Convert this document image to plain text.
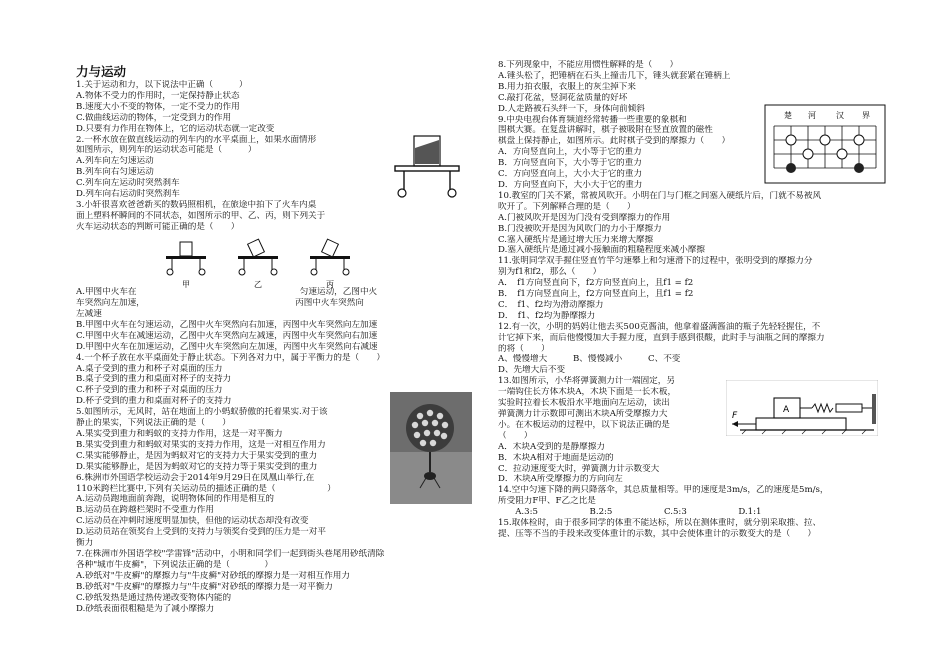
力与运动
1.关于运动和力，以下说法中正确（　　　）
A.物体不受力的作用时，一定保持静止状态
B.速度大小不变的物体，一定不受力的作用
C.做曲线运动的物体，一定受到力的作用
D.只要有力作用在物体上，它的运动状态就一定改变
2.一杯水放在做直线运动的列车内的水平桌面上，如果水面情形
如图所示，则列车的运动状态可能是（　　　）
A.列车向左匀速运动
B.列车向右匀速运动
C.列车向左运动时突然刹车
D.列车向右运动时突然刹车
3.小轩很喜欢爸爸新买的数码照相机，在旅途中拍下了火车内桌
面上塑料杯瞬间的不同状态，如图所示的甲、乙、丙，则下列关于
火车运动状态的判断可能正确的是（　　）
A.甲图中火车在　　　　　　　　　　　　　　　　　　　匀速运动，乙图中火
车突然向左加速，　　　　　　　　　　　　　　　　　　丙图中火车突然向
左减速
B.甲图中火车在匀速运动，乙图中火车突然向右加速，丙图中火车突然向左加速
C.甲图中火车在减速运动，乙图中火车突然向左减速，丙图中火车突然向右加速
D.甲图中火车在加速运动，乙图中火车突然向左加速，丙图中火车突然向右减速
4.一个杯子放在水平桌面处于静止状态。下列各对力中，属于平衡力的是（　　）
A.桌子受到的重力和杯子对桌面的压力
B.桌子受到的重力和桌面对杯子的支持力
C.杯子受到的重力和杯子对桌面的压力
D.杯子受到的重力和桌面对杯子的支持力
5.如图所示，无风时，站在地面上的小蚂蚁骄傲的托着果实.对于该
静止的果实，下列说法正确的是（　　）
A.果实受到重力和蚂蚁的支持力作用，这是一对平衡力
B.果实受到重力和蚂蚁对果实的支持力作用，这是一对相互作用力
C.果实能够静止，是因为蚂蚁对它的支持力大于果实受到的重力
D.果实能够静止，是因为蚂蚁对它的支持力等于果实受到的重力
6.株洲市外国语学校运动会于2014年9月29日在凤凰山举行,在
110米跨栏比赛中,下列有关运动员的描述正确的是（　　　　　　）
A.运动员跑地面前奔跑，说明物体间的作用是相互的
B.运动员在跨越栏架时不受重力作用
C.运动员在冲刺时速度明显加快，但他的运动状态却没有改变
D.运动员站在领奖台上受到的支持力与领奖台受到的压力是一对平
衡力
7.在株洲市外国语学校"学雷锋"活动中，小明和同学们一起到街头巷尾用砂纸清除
各种"城市牛皮癣"，下列说法正确的是（　　　　）
A.砂纸对"牛皮癣"的摩擦力与"牛皮癣"对砂纸的摩擦力是一对相互作用力
B.砂纸对"牛皮癣"的摩擦力与"牛皮癣"对砂纸的摩擦力是一对平衡力
C.砂纸发热是通过热传递改变物体内能的
D.砂纸表面很粗糙是为了减小摩擦力
8.下列现象中，不能应用惯性解释的是（　　）
A.锤头松了，把锤柄在石头上撞击几下，锤头就套紧在锤柄上
B.用力拍衣服，衣服上的灰尘掉下来
C.敲打花盆，竖洞花盆质量的好坏
D.人走路被石头绊一下，身体向前倾斜
9.中央电视台体育频道经常转播一些重要的象棋和
围棋大赛。在复盘讲解时，棋子被吸附在竖直放置的磁性
棋盘上保持静止，如图所示。此时棋子受到的摩擦力（　　）
A．方向竖直向上，大小等于它的重力
B．方向竖直向下，大小等于它的重力
C．方向竖直向上，大小大于它的重力
D．方向竖直向下，大小大于它的重力
10.教室的门关不紧，常被风吹开。小明在门与门框之间塞入硬纸片后，门就不易被风
吹开了。下列解释合理的是（　　）
A.门被风吹开是因为门没有受到摩擦力的作用
B.门没被吹开是因为风吹门的力小于摩擦力
C.塞入硬纸片是通过增大压力来增大摩擦
D.塞入硬纸片是通过减小接触面的粗糙程度来减小摩擦
11.张明同学双手握住竖直竹竿匀速攀上和匀速滑下的过程中，张明受到的摩擦力分
别为f1和f2，那么（　　）
A．　f1方向竖直向下，f2方向竖直向上，且f1 = f2
B．　f1方向竖直向上，f2方向竖直向上，且f1 = f2
C．　f1、f2均为滑动摩擦力
D．　f1、f2均为静摩擦力
12.有一次，小明的妈妈让他去买500克酱油，他拿着盛满酱油的瓶子先轻轻握住，不
计它掉下来，而后他慢慢加大手握力度，直到手感到很酸，此时手与油瓶之间的摩擦力
的将（　　）
A、慢慢增大　　　B、慢慢减小　　　C、不变
D、先增大后不变
13.如图所示，小华将弹簧测力计一端固定，另
一端钩住长方体木块A，木块下面是一长木板，
实验时拉着长木板沿水平地面向左运动，读出
弹簧测力计示数即可测出木块A所受摩擦力大
小。在木板运动的过程中，以下说法正确的是
（　　）
A．木块A受到的是静摩擦力
B．木块A相对于地面是运动的
C．拉动速度变大时，弹簧测力计示数变大
D．木块A所受摩擦力的方向向左
14.空中匀速下降的两只降落伞，其总质量相等。甲的速度是3m/s，乙的速度是5m/s，
所受阻力F甲、F乙之比是
　　A.3:5　　　　　　B.2:5　　　　　　C.5:3　　　　　　D.1:1
15.取体检时，由于很多同学的体重不能达标，所以在测体重时，就分别采取推、拉、
提、压等不当的手段来改变体重计的示数，其中会使体重计的示数变大的是（　　）
甲	乙	丙
楚 河	汉 界
A
F
